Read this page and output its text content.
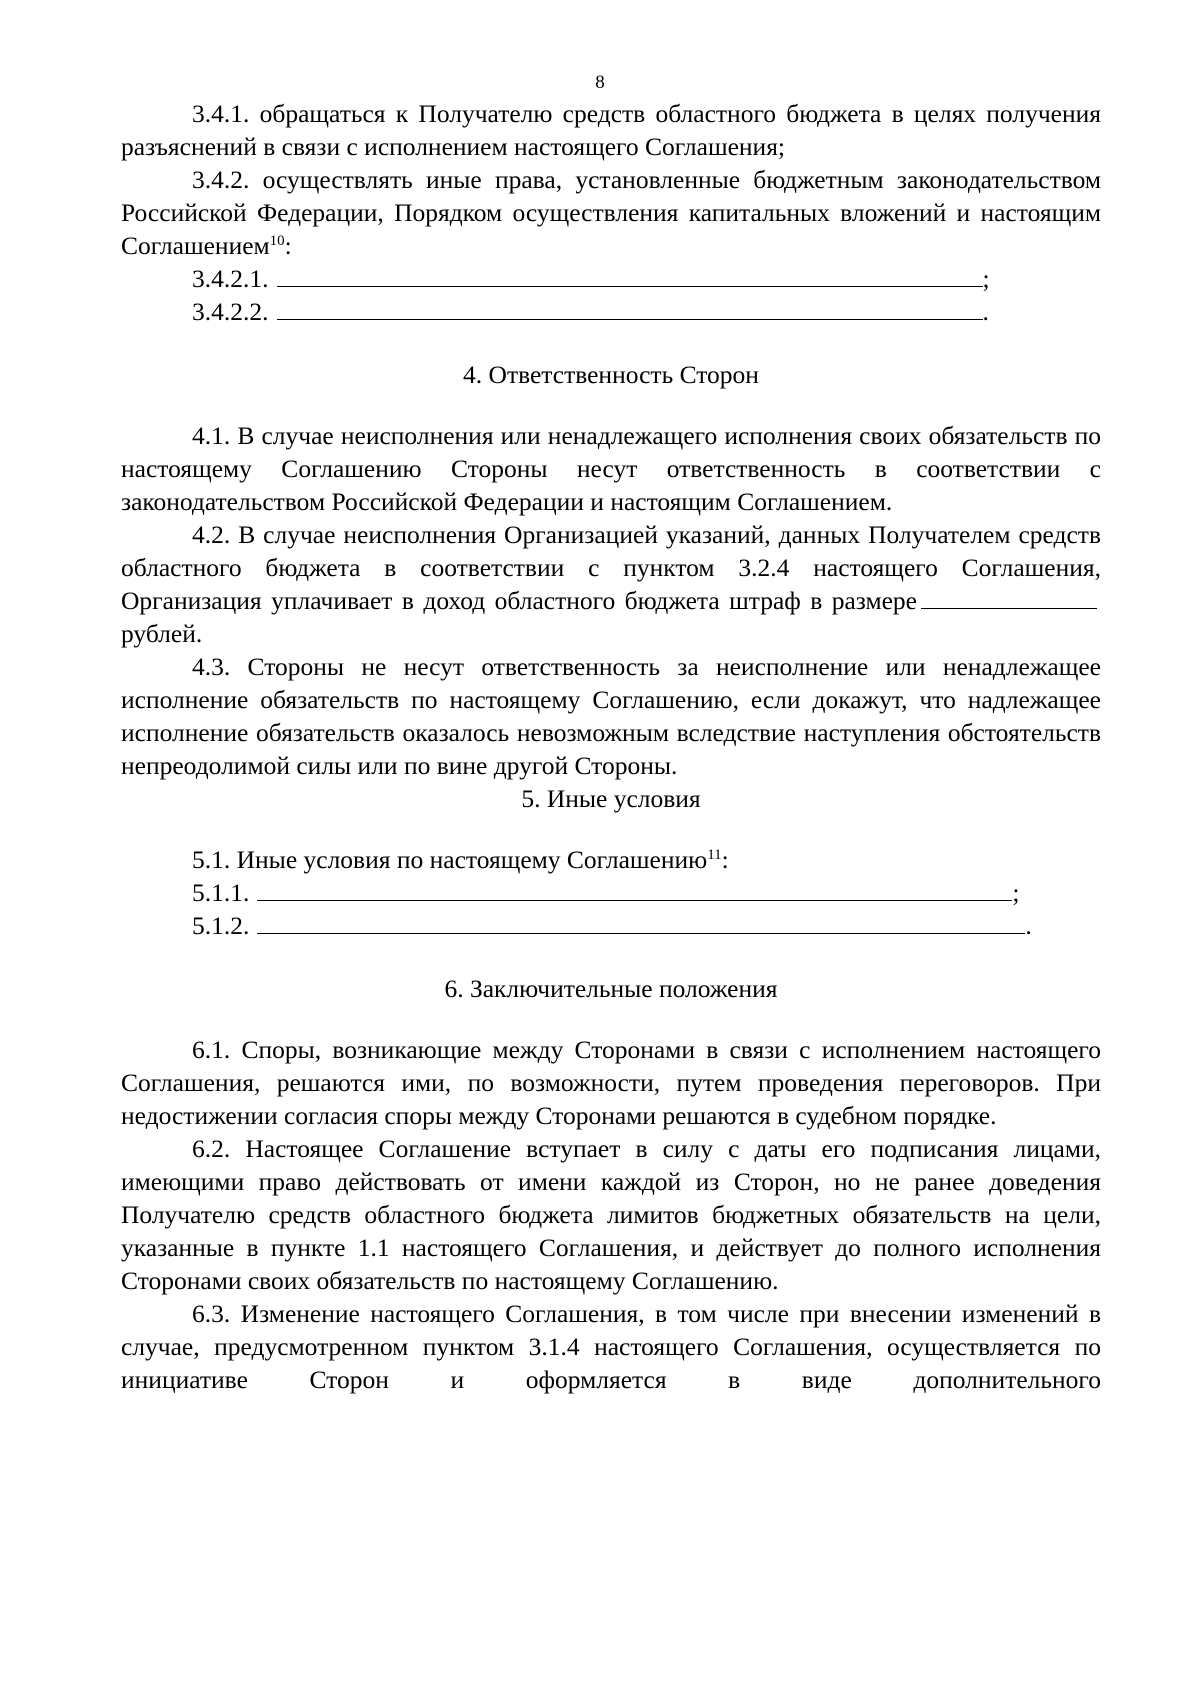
8

3.4.1. обращаться к Получателю средств областного бюджета в целях получения разъяснений в связи с исполнением настоящего Соглашения;

3.4.2. осуществлять иные права, установленные бюджетным законодательством Российской Федерации, Порядком осуществления капитальных вложений и настоящим Соглашением$^{10}$:

3.4.2.1.	;
3.4.2.2.	.

4. Ответственность Сторон

4.1. В случае неисполнения или ненадлежащего исполнения своих обязательств по настоящему Соглашению Стороны несут ответственность в соответствии с законодательством Российской Федерации и настоящим Соглашением.

4.2. В случае неисполнения Организацией указаний, данных Получателем средств областного бюджета в соответствии с пунктом 3.2.4 настоящего Соглашения, Организация уплачивает в доход областного бюджета штраф в размерерублей.

4.3. Стороны не несут ответственность за неисполнение или ненадлежащее исполнение обязательств по настоящему Соглашению, если докажут, что надлежащее исполнение обязательств оказалось невозможным вследствие наступления обстоятельств непреодолимой силы или по вине другой Стороны.

5. Иные условия

5.1. Иные условия по настоящему Соглашению$^{11}$:

5.1.1.	;
5.1.2.	.

6. Заключительные положения

6.1. Споры, возникающие между Сторонами в связи с исполнением настоящего Соглашения, решаются ими, по возможности, путем проведения переговоров. При недостижении согласия споры между Сторонами решаются в судебном порядке.

6.2. Настоящее Соглашение вступает в силу с даты его подписания лицами, имеющими право действовать от имени каждой из Сторон, но не ранее доведения Получателю средств областного бюджета лимитов бюджетных обязательств на цели, указанные в пункте 1.1 настоящего Соглашения, и действует до полного исполнения Сторонами своих обязательств по настоящему Соглашению.

6.3. Изменение настоящего Соглашения, в том числе при внесении изменений в случае, предусмотренном пунктом 3.1.4 настоящего Соглашения, осуществляется по инициативе Сторон и оформляется в виде дополнительного
